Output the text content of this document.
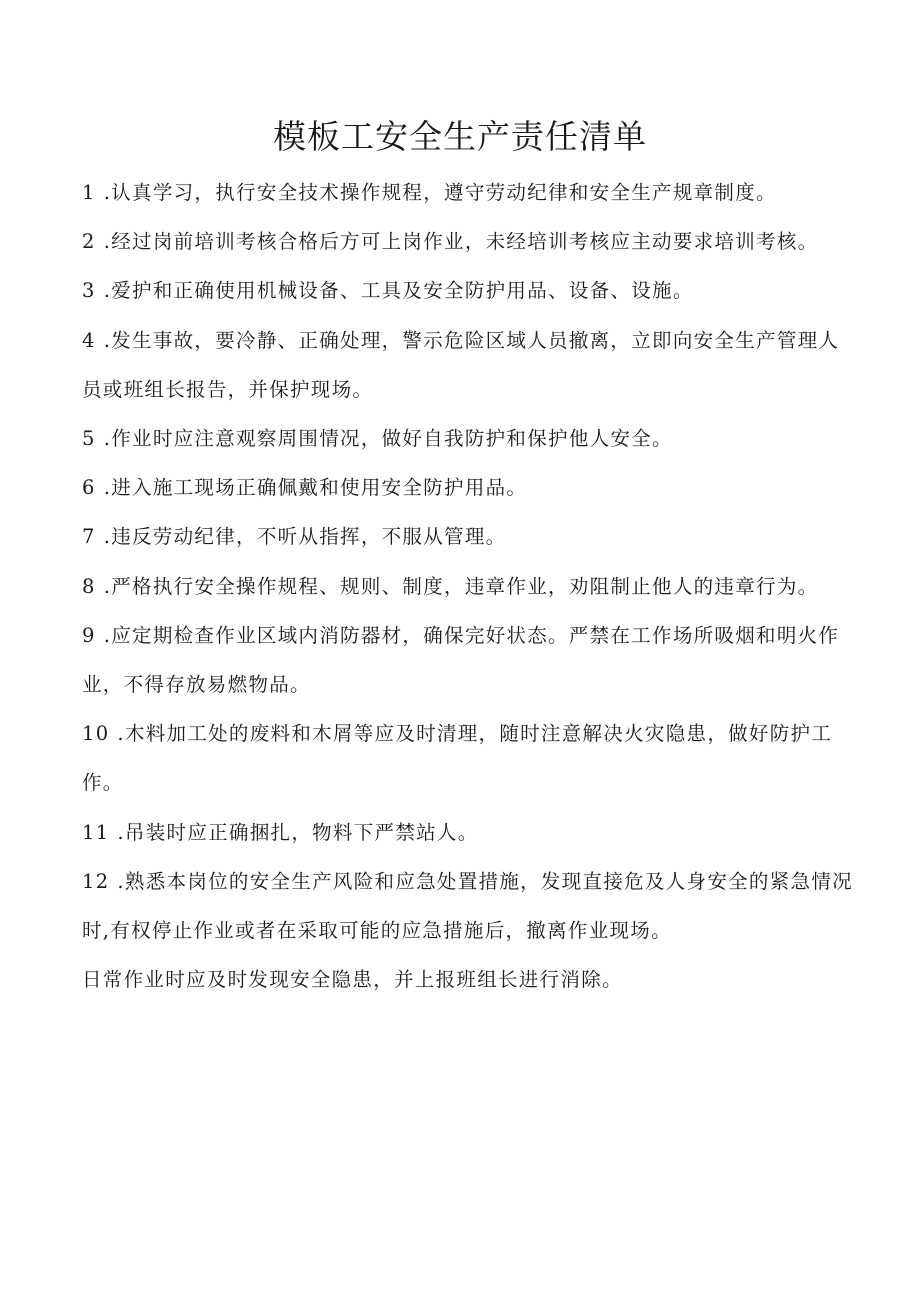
模板工安全生产责任清单

1 .认真学习，执行安全技术操作规程，遵守劳动纪律和安全生产规章制度。

2 .经过岗前培训考核合格后方可上岗作业，未经培训考核应主动要求培训考核。

3 .爱护和正确使用机械设备、工具及安全防护用品、设备、设施。

4 .发生事故，要冷静、正确处理，警示危险区域人员撤离，立即向安全生产管理人员或班组长报告，并保护现场。

5 .作业时应注意观察周围情况，做好自我防护和保护他人安全。

6 .进入施工现场正确佩戴和使用安全防护用品。

7 .违反劳动纪律，不听从指挥，不服从管理。

8 .严格执行安全操作规程、规则、制度，违章作业，劝阻制止他人的违章行为。

9 .应定期检查作业区域内消防器材，确保完好状态。严禁在工作场所吸烟和明火作业，不得存放易燃物品。

10 .木料加工处的废料和木屑等应及时清理，随时注意解决火灾隐患，做好防护工作。

11 .吊装时应正确捆扎，物料下严禁站人。

12 .熟悉本岗位的安全生产风险和应急处置措施，发现直接危及人身安全的紧急情况时,有权停止作业或者在采取可能的应急措施后，撤离作业现场。

日常作业时应及时发现安全隐患，并上报班组长进行消除。
